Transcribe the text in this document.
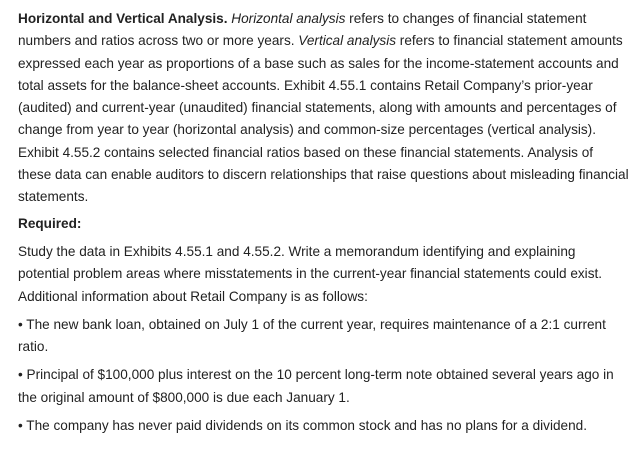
Horizontal and Vertical Analysis. Horizontal analysis refers to changes of financial statement numbers and ratios across two or more years. Vertical analysis refers to financial statement amounts expressed each year as proportions of a base such as sales for the income-statement accounts and total assets for the balance-sheet accounts. Exhibit 4.55.1 contains Retail Company’s prior-year (audited) and current-year (unaudited) financial statements, along with amounts and percentages of change from year to year (horizontal analysis) and common-size percentages (vertical analysis). Exhibit 4.55.2 contains selected financial ratios based on these financial statements. Analysis of these data can enable auditors to discern relationships that raise questions about misleading financial statements.

Required:

Study the data in Exhibits 4.55.1 and 4.55.2. Write a memorandum identifying and explaining potential problem areas where misstatements in the current-year financial statements could exist. Additional information about Retail Company is as follows:

• The new bank loan, obtained on July 1 of the current year, requires maintenance of a 2:1 current ratio.

• Principal of $100,000 plus interest on the 10 percent long-term note obtained several years ago in the original amount of $800,000 is due each January 1.

• The company has never paid dividends on its common stock and has no plans for a dividend.
